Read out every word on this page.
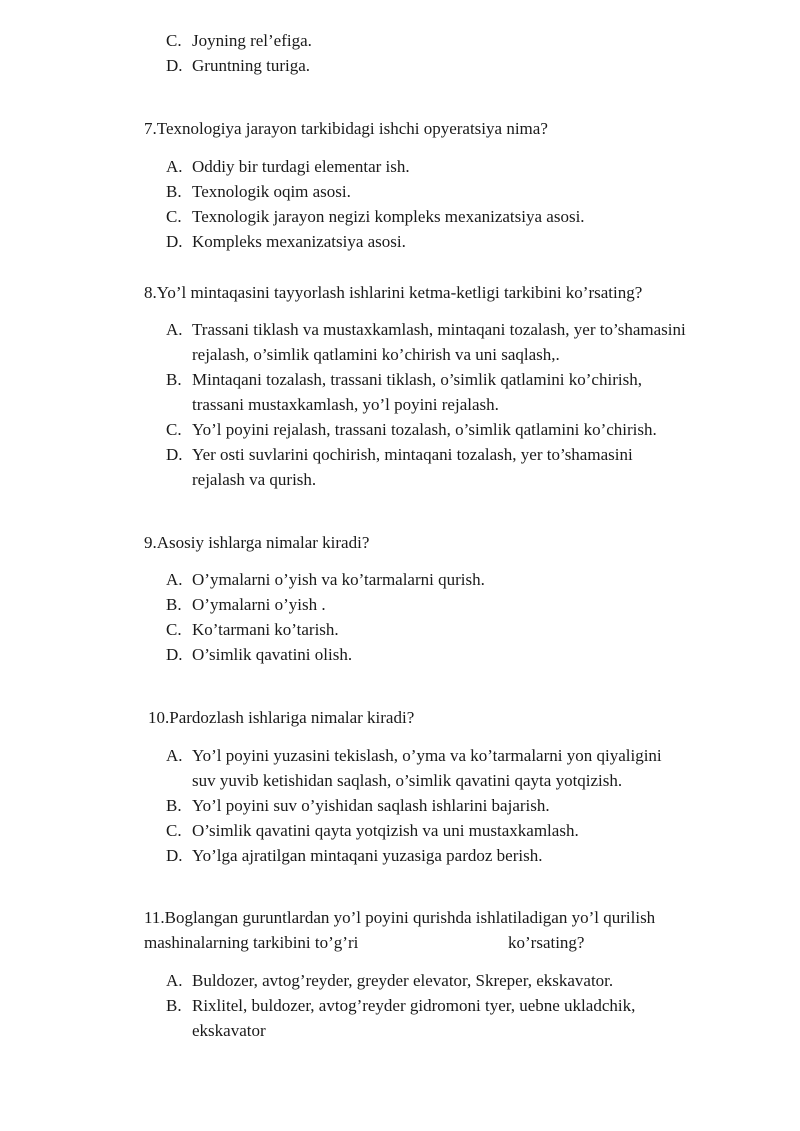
C. Joyning rel’efiga.
D. Gruntning turiga.
7.Texnologiya jarayon tarkibidagi ishchi opyeratsiya nima?
A. Oddiy bir turdagi elementar ish.
B. Texnologik oqim asosi.
C. Texnologik jarayon negizi kompleks mexanizatsiya asosi.
D. Kompleks mexanizatsiya asosi.
8.Yo’l mintaqasini tayyorlash ishlarini ketma-ketligi tarkibini ko’rsating?
A. Trassani tiklash va mustaxkamlash, mintaqani tozalash, yer to’shamasini
rejalash, o’simlik qatlamini ko’chirish va uni saqlash,.
B. Mintaqani tozalash, trassani tiklash, o’simlik qatlamini ko’chirish,
trassani mustaxkamlash, yo’l poyini rejalash.
C. Yo’l poyini rejalash, trassani tozalash, o’simlik qatlamini ko’chirish.
D. Yer osti suvlarini qochirish, mintaqani tozalash, yer to’shamasini
rejalash va qurish.
9.Asosiy ishlarga nimalar kiradi?
A. O’ymalarni o’yish va ko’tarmalarni qurish.
B. O’ymalarni o’yish .
C. Ko’tarmani ko’tarish.
D. O’simlik qavatini olish.
10.Pardozlash ishlariga nimalar kiradi?
A. Yo’l poyini yuzasini tekislash, o’yma va ko’tarmalarni yon qiyaligini
suv yuvib ketishidan saqlash, o’simlik qavatini qayta yotqizish.
B. Yo’l poyini suv o’yishidan saqlash ishlarini bajarish.
C. O’simlik qavatini qayta yotqizish va uni mustaxkamlash.
D. Yo’lga ajratilgan mintaqani yuzasiga pardoz berish.
11.Boglangan guruntlardan yo’l poyini qurishda ishlatiladigan yo’l qurilish
mashinalarning tarkibini to’g’ri	ko’rsating?
A. Buldozer, avtog’reyder, greyder elevator, Skreper, ekskavator.
B. Rixlitel, buldozer, avtog’reyder gidromoni tyer, uebne ukladchik,
ekskavator
